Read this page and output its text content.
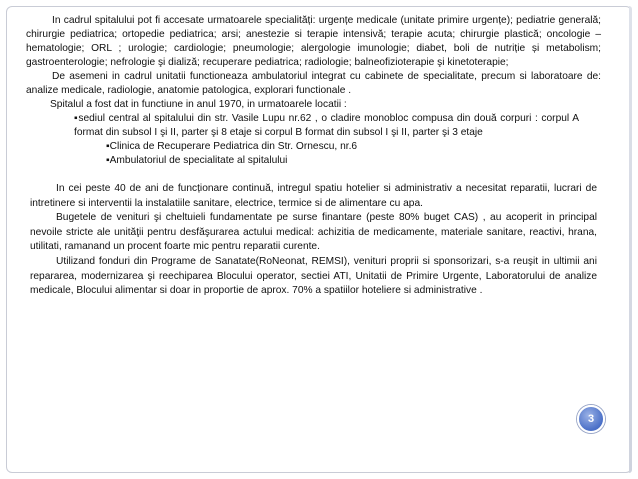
In cadrul spitalului pot fi accesate urmatoarele specialități: urgențe medicale (unitate primire urgențe); pediatrie generală; chirurgie pediatrica; ortopedie pediatrica; arsi; anestezie si terapie intensivă; terapie acuta; chirurgie plastică; oncologie – hematologie; ORL ; urologie; cardiologie; pneumologie; alergologie imunologie; diabet, boli de nutriție și metabolism; gastroenterologie; nefrologie şi dializă; recuperare pediatrica; radiologie; balneofizioterapie şi kinetoterapie;

De asemeni in cadrul unitatii functioneaza ambulatoriul integrat cu cabinete de specialitate, precum si laboratoare de: analize medicale, radiologie, anatomie patologica, explorari functionale .

Spitalul a fost dat in functiune in anul 1970, in urmatoarele locatii :

▪sediul central al spitalului din str. Vasile Lupu nr.62 , o cladire monobloc compusa din două corpuri : corpul A format din subsol I şi II, parter şi 8 etaje si corpul B format din subsol I şi II, parter şi 3 etaje

▪Clinica de Recuperare Pediatrica din Str. Ornescu, nr.6

▪Ambulatoriul de specialitate al spitalului

In cei peste 40 de ani de funcționare continuă, intregul spatiu hotelier si administrativ a necesitat reparatii, lucrari de intretinere si interventii la instalatiile sanitare, electrice, termice si de alimentare cu apa.

Bugetele de venituri şi cheltuieli fundamentate pe surse finantare (peste 80% buget CAS) , au acoperit in principal nevoile stricte ale unităţii pentru desfăşurarea actului medical: achizitia de medicamente, materiale sanitare, reactivi, hrana, utilitati, ramanand un procent foarte mic pentru reparatii curente.

Utilizand fonduri din Programe de Sanatate(RoNeonat, REMSI), venituri proprii si sponsorizari, s-a reuşit in ultimii ani repararea, modernizarea şi reechiparea Blocului operator, sectiei ATI, Unitatii de Primire Urgente, Laboratorului de analize medicale, Blocului alimentar si doar in proportie de aprox. 70% a spatiilor hoteliere si administrative .

3
